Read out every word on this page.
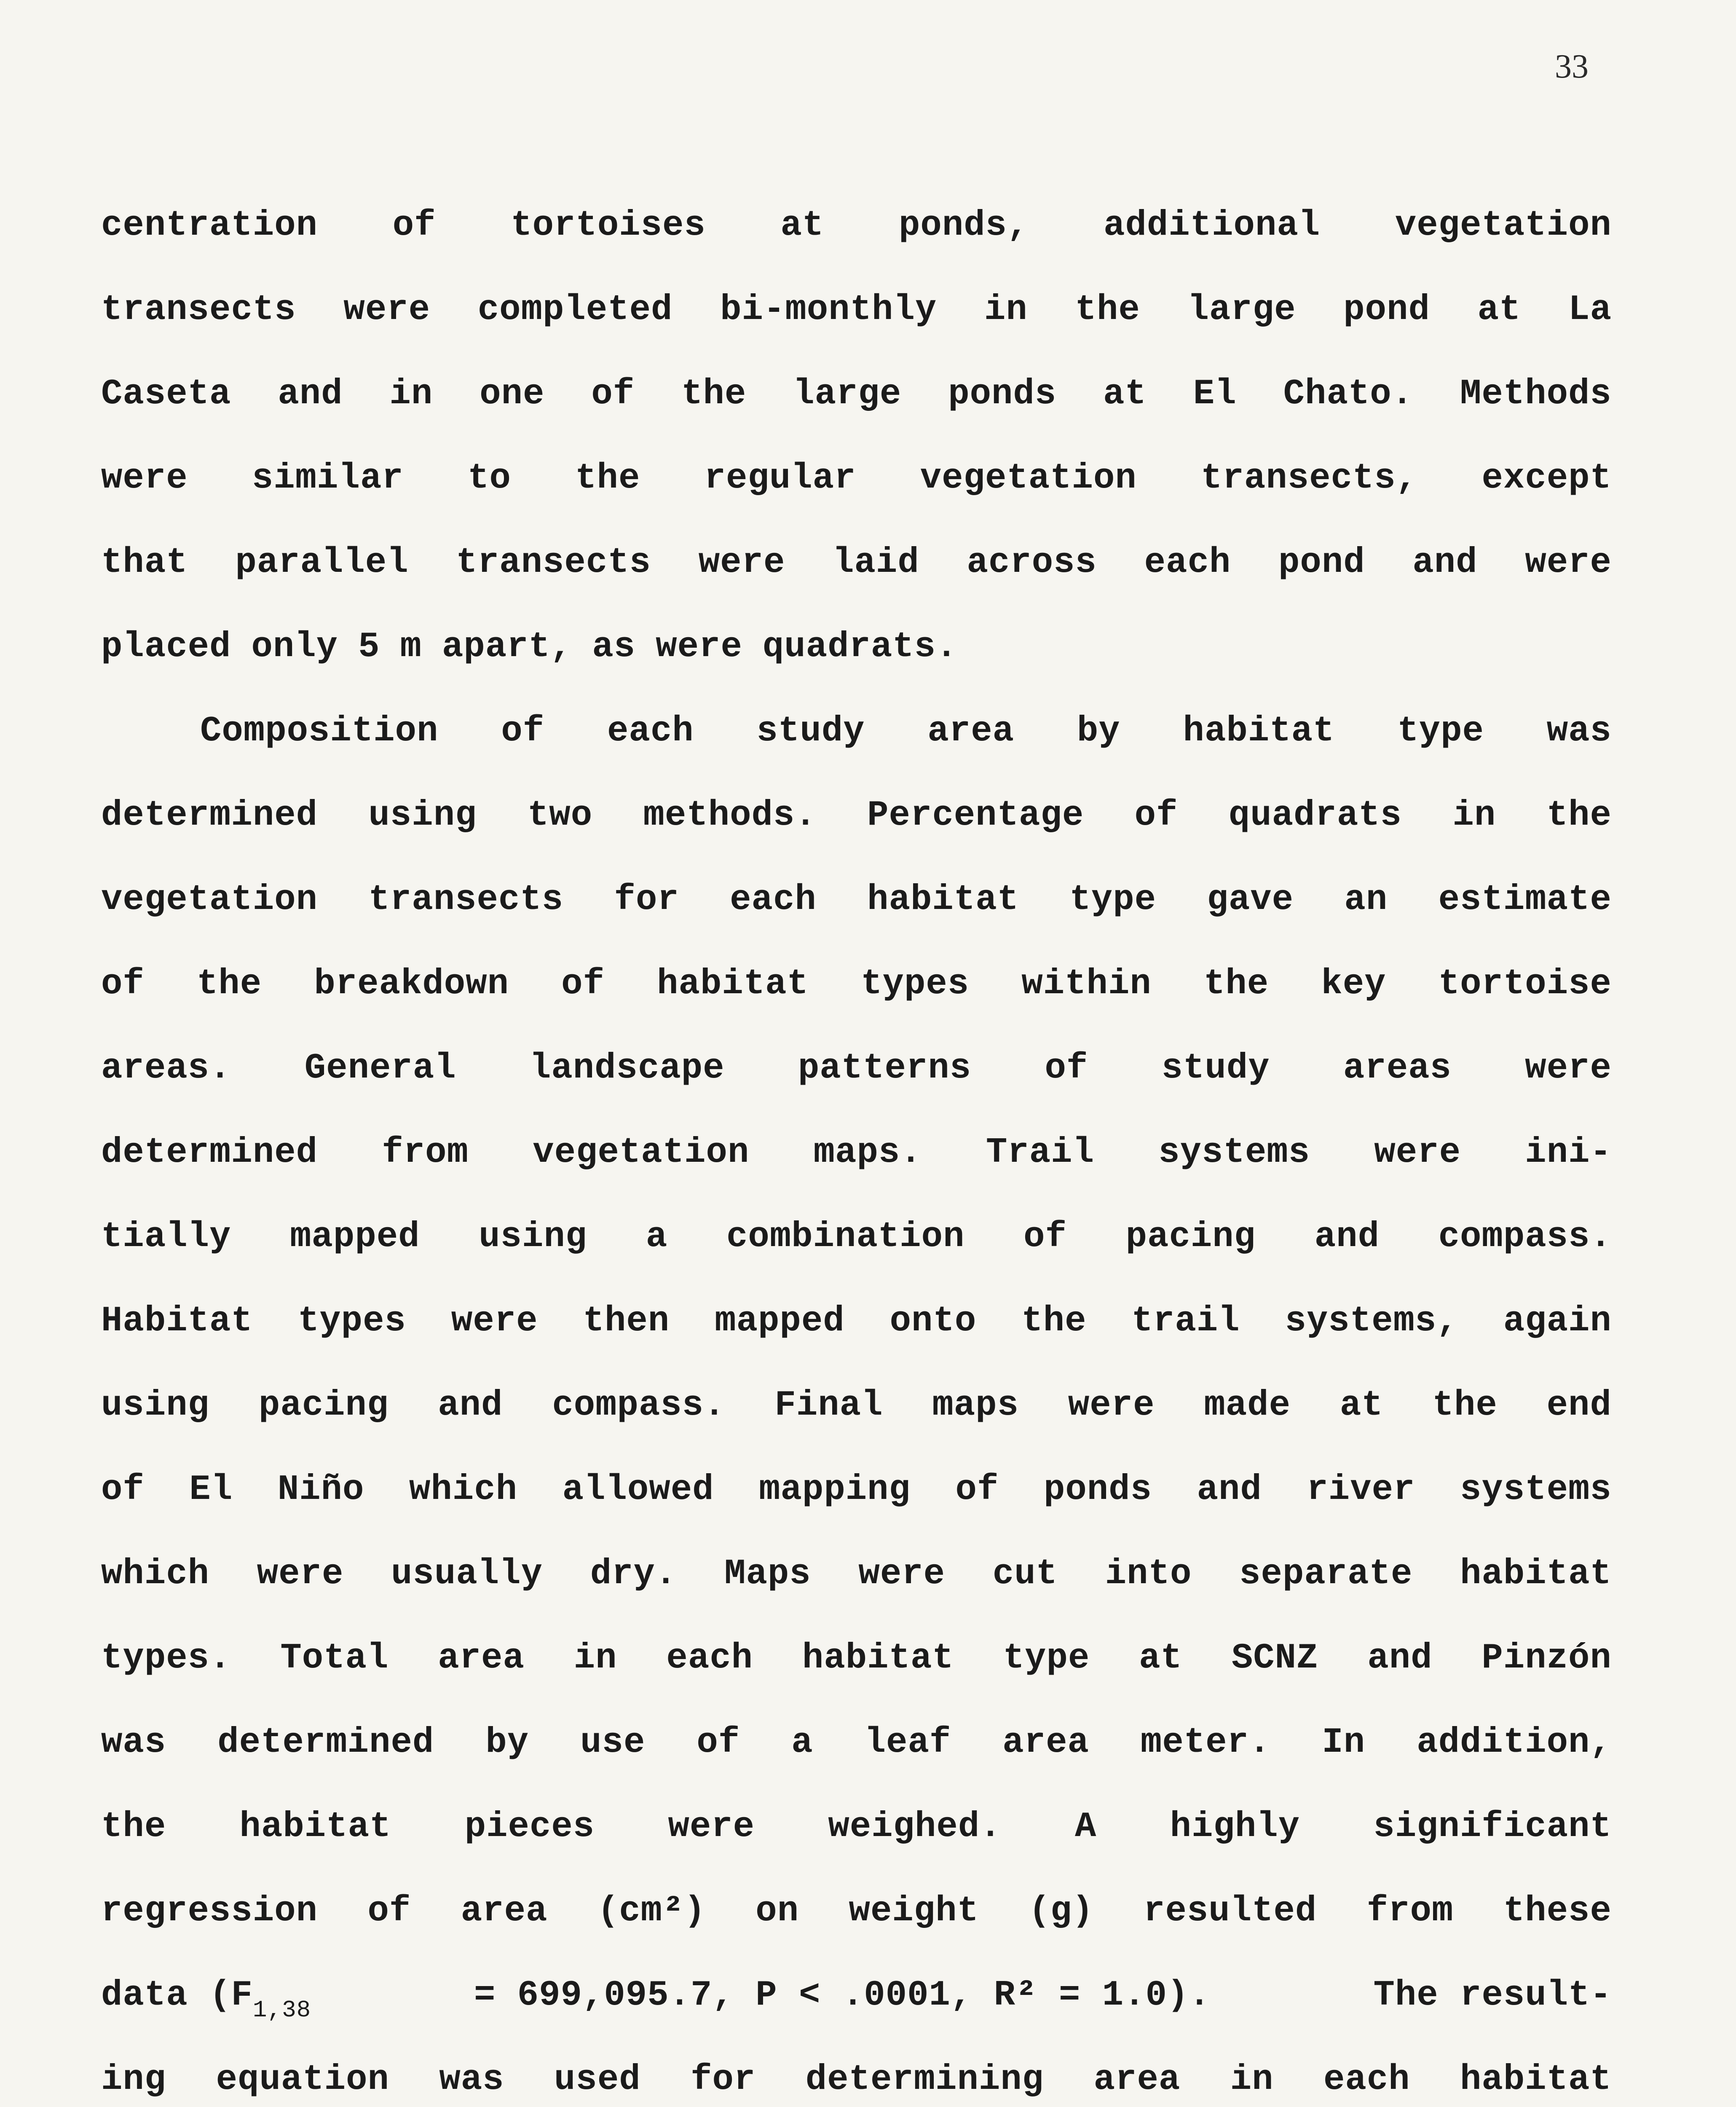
33
centration of tortoises at ponds, additional vegetation
transects were completed bi-monthly in the large pond at La
Caseta and in one of the large ponds at El Chato. Methods
were similar to the regular vegetation transects, except
that parallel transects were laid across each pond and were
placed only 5 m apart, as were quadrats.
Composition of each study area by habitat type was
determined using two methods. Percentage of quadrats in the
vegetation transects for each habitat type gave an estimate
of the breakdown of habitat types within the key tortoise
areas. General landscape patterns of study areas were
determined from vegetation maps. Trail systems were ini-
tially mapped using a combination of pacing and compass.
Habitat types were then mapped onto the trail systems, again
using pacing and compass. Final maps were made at the end
of El Niño which allowed mapping of ponds and river systems
which were usually dry. Maps were cut into separate habitat
types. Total area in each habitat type at SCNZ and Pinzón
was determined by use of a leaf area meter. In addition,
the habitat pieces were weighed. A highly significant
regression of area (cm²) on weight (g) resulted from these
data ($F_{1,38}$	= 699,095.7, P < .0001, R² = 1.0).	The result-
ing equation was used for determining area in each habitat
